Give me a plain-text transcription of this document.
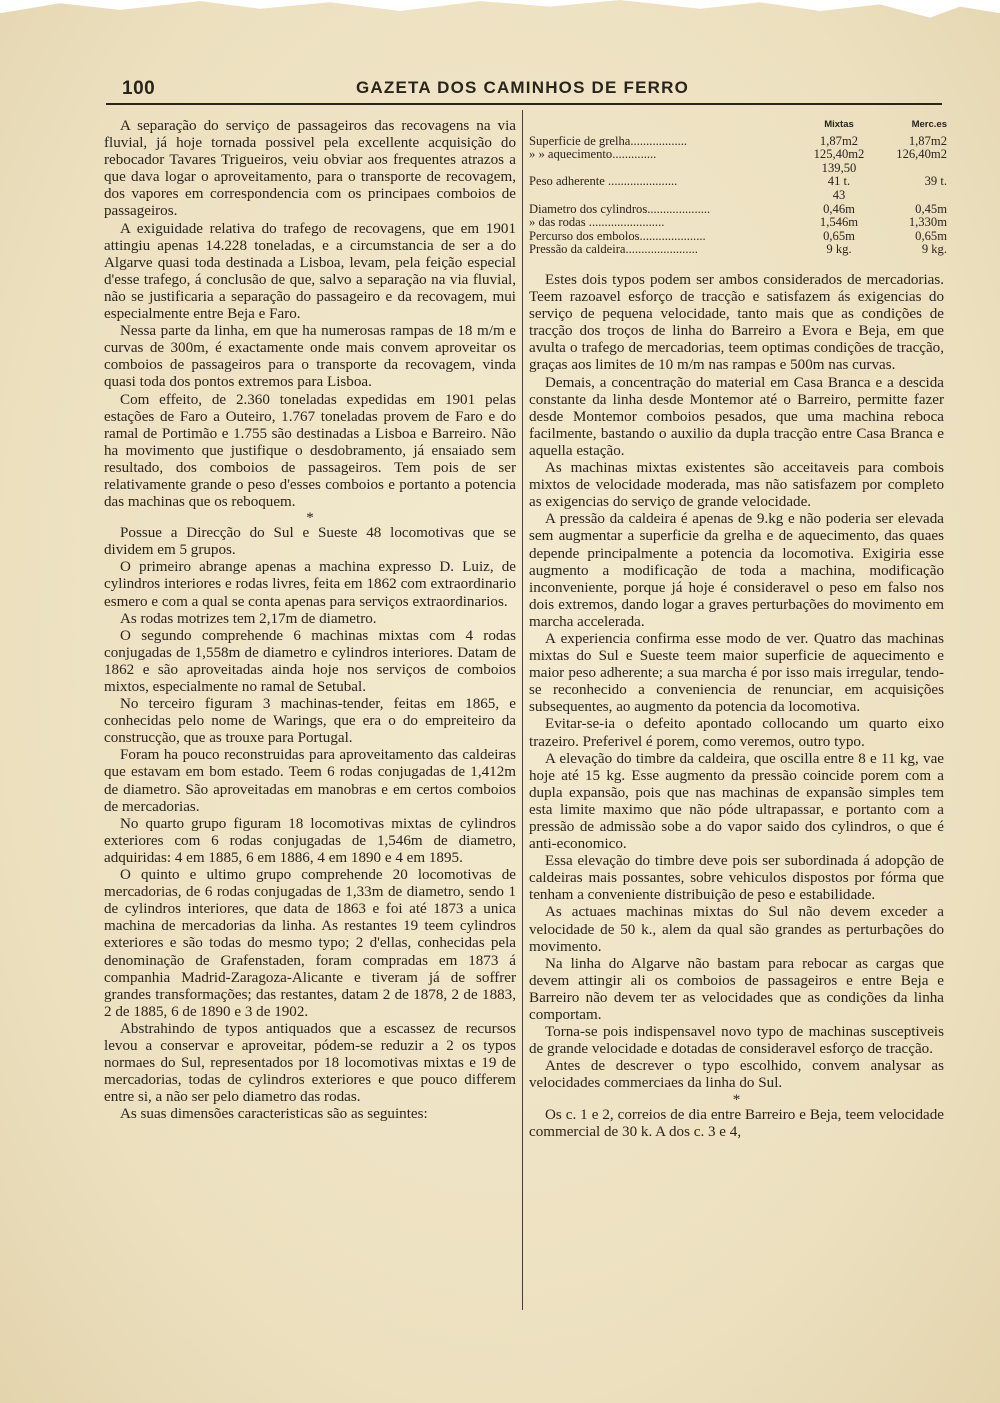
100	GAZETA DOS CAMINHOS DE FERRO

A separação do serviço de passageiros das recovagens na via fluvial, já hoje tornada possivel pela excellente acquisição do rebocador Tavares Trigueiros, veiu obviar aos frequentes atrazos a que dava logar o aproveitamento, para o transporte de recovagem, dos vapores em correspondencia com os principaes comboios de passageiros.

A exiguidade relativa do trafego de recovagens, que em 1901 attingiu apenas 14.228 toneladas, e a circumstancia de ser a do Algarve quasi toda destinada a Lisboa, levam, pela feição especial d'esse trafego, á conclusão de que, salvo a separação na via fluvial, não se justificaria a separação do passageiro e da recovagem, mui especialmente entre Beja e Faro.

Nessa parte da linha, em que ha numerosas rampas de 18 m/m e curvas de 300m, é exactamente onde mais convem aproveitar os comboios de passageiros para o transporte da recovagem, vinda quasi toda dos pontos extremos para Lisboa.

Com effeito, de 2.360 toneladas expedidas em 1901 pelas estações de Faro a Outeiro, 1.767 toneladas provem de Faro e do ramal de Portimão e 1.755 são destinadas a Lisboa e Barreiro. Não ha movimento que justifique o desdobramento, já ensaiado sem resultado, dos comboios de passageiros. Tem pois de ser relativamente grande o peso d'esses comboios e portanto a potencia das machinas que os reboquem.

*

Possue a Direcção do Sul e Sueste 48 locomotivas que se dividem em 5 grupos.

O primeiro abrange apenas a machina expresso D. Luiz, de cylindros interiores e rodas livres, feita em 1862 com extraordinario esmero e com a qual se conta apenas para serviços extraordinarios.

As rodas motrizes tem 2,17m de diametro.

O segundo comprehende 6 machinas mixtas com 4 rodas conjugadas de 1,558m de diametro e cylindros interiores. Datam de 1862 e são aproveitadas ainda hoje nos serviços de comboios mixtos, especialmente no ramal de Setubal.

No terceiro figuram 3 machinas-tender, feitas em 1865, e conhecidas pelo nome de Warings, que era o do empreiteiro da construcção, que as trouxe para Portugal.

Foram ha pouco reconstruidas para aproveitamento das caldeiras que estavam em bom estado. Teem 6 rodas conjugadas de 1,412m de diametro. São aproveitadas em manobras e em certos comboios de mercadorias.

No quarto grupo figuram 18 locomotivas mixtas de cylindros exteriores com 6 rodas conjugadas de 1,546m de diametro, adquiridas: 4 em 1885, 6 em 1886, 4 em 1890 e 4 em 1895.

O quinto e ultimo grupo comprehende 20 locomotivas de mercadorias, de 6 rodas conjugadas de 1,33m de diametro, sendo 1 de cylindros interiores, que data de 1863 e foi até 1873 a unica machina de mercadorias da linha. As restantes 19 teem cylindros exteriores e são todas do mesmo typo; 2 d'ellas, conhecidas pela denominação de Grafenstaden, foram compradas em 1873 á companhia Madrid-Zaragoza-Alicante e tiveram já de soffrer grandes transformações; das restantes, datam 2 de 1878, 2 de 1883, 2 de 1885, 6 de 1890 e 3 de 1902.

Abstrahindo de typos antiquados que a escassez de recursos levou a conservar e aproveitar, pódem-se reduzir a 2 os typos normaes do Sul, representados por 18 locomotivas mixtas e 19 de mercadorias, todas de cylindros exteriores e que pouco differem entre si, a não ser pelo diametro das rodas.

As suas dimensões caracteristicas são as seguintes:

	Mixtas	Merc.es
Superficie de grelha..................	1,87m2	1,87m2
» » aquecimento..............	125,40m2	126,40m2
	139,50	
Peso adherente ......................	41 t.	39 t.
	43	
Diametro dos cylindros....................	0,46m	0,45m
» das rodas ........................	1,546m	1,330m
Percurso dos embolos.....................	0,65m	0,65m
Pressão da caldeira.......................	9 kg.	9 kg.

Estes dois typos podem ser ambos considerados de mercadorias. Teem razoavel esforço de tracção e satisfazem ás exigencias do serviço de pequena velocidade, tanto mais que as condições de tracção dos troços de linha do Barreiro a Evora e Beja, em que avulta o trafego de mercadorias, teem optimas condições de tracção, graças aos limites de 10 m/m nas rampas e 500m nas curvas.

Demais, a concentração do material em Casa Branca e a descida constante da linha desde Montemor até o Barreiro, permitte fazer desde Montemor comboios pesados, que uma machina reboca facilmente, bastando o auxilio da dupla tracção entre Casa Branca e aquella estação.

As machinas mixtas existentes são acceitaveis para combois mixtos de velocidade moderada, mas não satisfazem por completo as exigencias do serviço de grande velocidade.

A pressão da caldeira é apenas de 9.kg e não poderia ser elevada sem augmentar a superficie da grelha e de aquecimento, das quaes depende principalmente a potencia da locomotiva. Exigiria esse augmento a modificação de toda a machina, modificação inconveniente, porque já hoje é consideravel o peso em falso nos dois extremos, dando logar a graves perturbações do movimento em marcha accelerada.

A experiencia confirma esse modo de ver. Quatro das machinas mixtas do Sul e Sueste teem maior superficie de aquecimento e maior peso adherente; a sua marcha é por isso mais irregular, tendo-se reconhecido a conveniencia de renunciar, em acquisições subsequentes, ao augmento da potencia da locomotiva.

Evitar-se-ia o defeito apontado collocando um quarto eixo trazeiro. Preferivel é porem, como veremos, outro typo.

A elevação do timbre da caldeira, que oscilla entre 8 e 11 kg, vae hoje até 15 kg. Esse augmento da pressão coincide porem com a dupla expansão, pois que nas machinas de expansão simples tem esta limite maximo que não póde ultrapassar, e portanto com a pressão de admissão sobe a do vapor saido dos cylindros, o que é anti-economico.

Essa elevação do timbre deve pois ser subordinada á adopção de caldeiras mais possantes, sobre vehiculos dispostos por fórma que tenham a conveniente distribuição de peso e estabilidade.

As actuaes machinas mixtas do Sul não devem exceder a velocidade de 50 k., alem da qual são grandes as perturbações do movimento.

Na linha do Algarve não bastam para rebocar as cargas que devem attingir ali os comboios de passageiros e entre Beja e Barreiro não devem ter as velocidades que as condições da linha comportam.

Torna-se pois indispensavel novo typo de machinas susceptiveis de grande velocidade e dotadas de consideravel esforço de tracção.

Antes de descrever o typo escolhido, convem analysar as velocidades commerciaes da linha do Sul.

*

Os c. 1 e 2, correios de dia entre Barreiro e Beja, teem velocidade commercial de 30 k. A dos c. 3 e 4,
